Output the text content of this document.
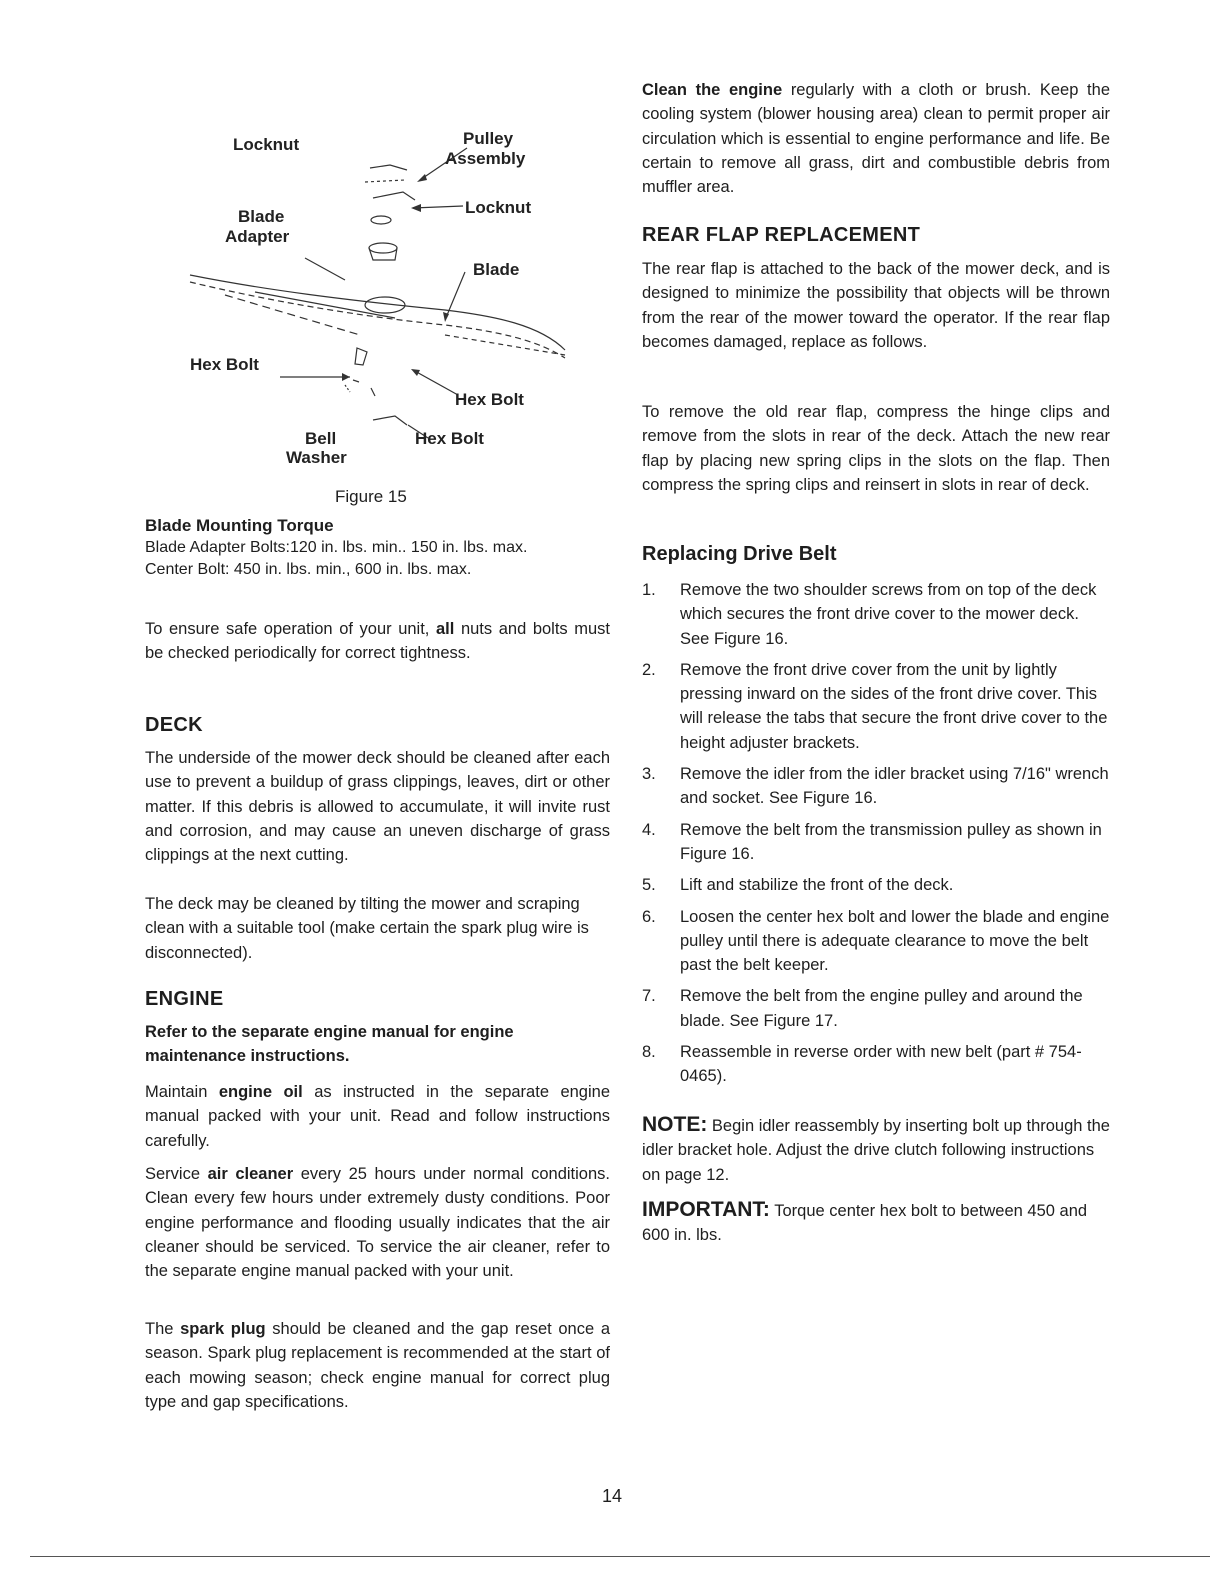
Locknut	Pulley
Assembly
Blade
Adapter
Locknut
Blade
Hex Bolt
Hex Bolt
Bell
Washer
Hex Bolt
Figure 15
Blade Mounting Torque
Blade Adapter Bolts:120 in. lbs. min.. 150 in. lbs. max.
Center Bolt: 450 in. lbs. min., 600 in. lbs. max.

To ensure safe operation of your unit, all nuts and bolts must be checked periodically for correct tightness.

DECK

The underside of the mower deck should be cleaned after each use to prevent a buildup of grass clippings, leaves, dirt or other matter. If this debris is allowed to accumulate, it will invite rust and corrosion, and may cause an uneven discharge of grass clippings at the next cutting.

The deck may be cleaned by tilting the mower and scraping clean with a suitable tool (make certain the spark plug wire is disconnected).

ENGINE

Refer to the separate engine manual for engine maintenance instructions.

Maintain engine oil as instructed in the separate engine manual packed with your unit. Read and follow instructions carefully.

Service air cleaner every 25 hours under normal conditions. Clean every few hours under extremely dusty conditions. Poor engine performance and flooding usually indicates that the air cleaner should be serviced. To service the air cleaner, refer to the separate engine manual packed with your unit.

The spark plug should be cleaned and the gap reset once a season. Spark plug replacement is recommended at the start of each mowing season; check engine manual for correct plug type and gap specifications.

Clean the engine regularly with a cloth or brush. Keep the cooling system (blower housing area) clean to permit proper air circulation which is essential to engine performance and life. Be certain to remove all grass, dirt and combustible debris from muffler area.

REAR FLAP REPLACEMENT

The rear flap is attached to the back of the mower deck, and is designed to minimize the possibility that objects will be thrown from the rear of the mower toward the operator. If the rear flap becomes damaged, replace as follows.

To remove the old rear flap, compress the hinge clips and remove from the slots in rear of the deck. Attach the new rear flap by placing new spring clips in the slots on the flap. Then compress the spring clips and reinsert in slots in rear of deck.

Replacing Drive Belt
1. Remove the two shoulder screws from on top of the deck which secures the front drive cover to the mower deck. See Figure 16.
2. Remove the front drive cover from the unit by lightly pressing inward on the sides of the front drive cover. This will release the tabs that secure the front drive cover to the height adjuster brackets.
3. Remove the idler from the idler bracket using 7/16" wrench and socket. See Figure 16.
4. Remove the belt from the transmission pulley as shown in Figure 16.
5. Lift and stabilize the front of the deck.
6. Loosen the center hex bolt and lower the blade and engine pulley until there is adequate clearance to move the belt past the belt keeper.
7. Remove the belt from the engine pulley and around the blade. See Figure 17.
8. Reassemble in reverse order with new belt (part # 754-0465).

NOTE: Begin idler reassembly by inserting bolt up through the idler bracket hole. Adjust the drive clutch following instructions on page 12.

IMPORTANT: Torque center hex bolt to between 450 and 600 in. lbs.

14
